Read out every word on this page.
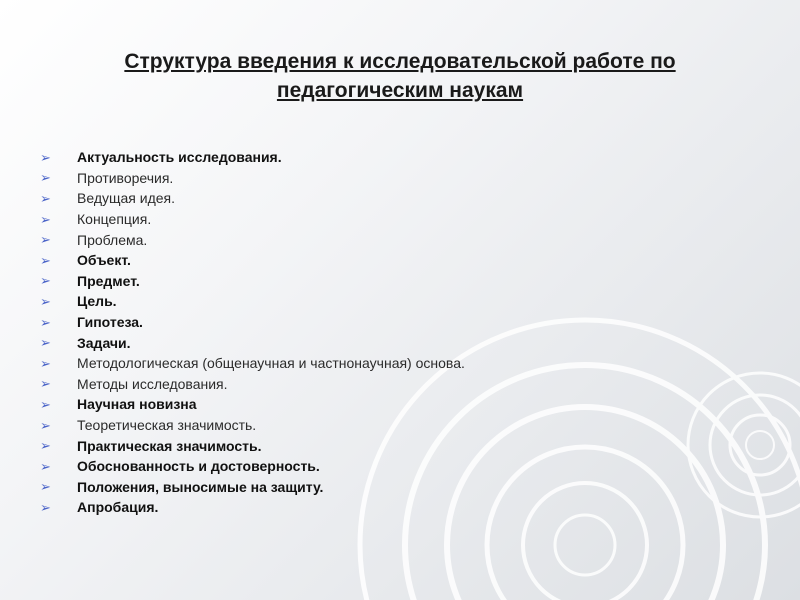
Структура введения к исследовательской работе по
педагогическим наукам
➢	Актуальность исследования.
➢	Противоречия.
➢	Ведущая идея.
➢	Концепция.
➢	Проблема.
➢	Объект.
➢	Предмет.
➢	Цель.
➢	Гипотеза.
➢	Задачи.
➢	Методологическая (общенаучная и частнонаучная) основа.
➢	Методы исследования.
➢	Научная новизна
➢	Теоретическая значимость.
➢	Практическая значимость.
➢	Обоснованность и достоверность.
➢	Положения, выносимые на защиту.
➢	Апробация.
